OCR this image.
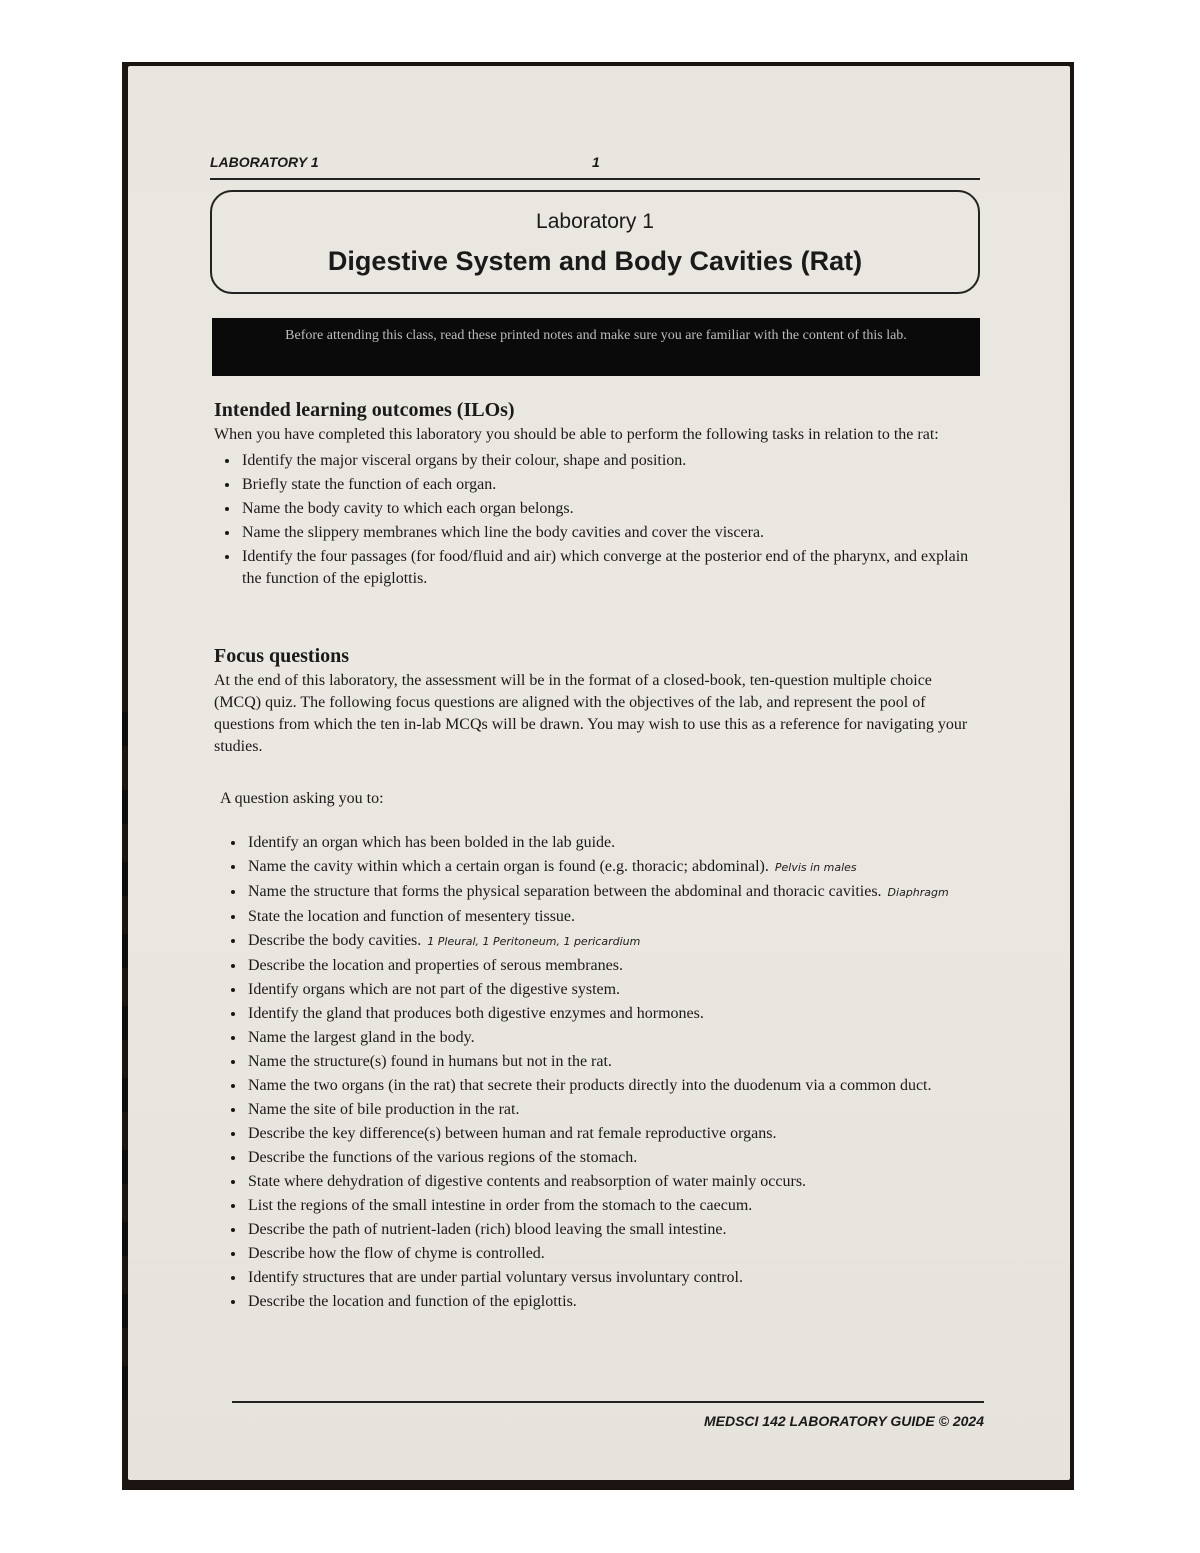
LABORATORY 1	1
Laboratory 1
Digestive System and Body Cavities (Rat)

Before attending this class, read these printed notes and make sure you are familiar with the content of this lab.

Intended learning outcomes (ILOs)

When you have completed this laboratory you should be able to perform the following tasks in relation to the rat:

• Identify the major visceral organs by their colour, shape and position.
• Briefly state the function of each organ.
• Name the body cavity to which each organ belongs.
• Name the slippery membranes which line the body cavities and cover the viscera.
• Identify the four passages (for food/fluid and air) which converge at the posterior end of the pharynx, and explain the function of the epiglottis.
Focus questions

At the end of this laboratory, the assessment will be in the format of a closed-book, ten-question multiple choice (MCQ) quiz. The following focus questions are aligned with the objectives of the lab, and represent the pool of questions from which the ten in-lab MCQs will be drawn. You may wish to use this as a reference for navigating your studies.

A question asking you to:
• Identify an organ which has been bolded in the lab guide.
• Name the cavity within which a certain organ is found (e.g. thoracic; abdominal). Pelvis in males
• Name the structure that forms the physical separation between the abdominal and thoracic cavities. Diaphragm
• State the location and function of mesentery tissue.
• Describe the body cavities. 1 Pleural, 1 Peritoneum, 1 pericardium
• Describe the location and properties of serous membranes.
• Identify organs which are not part of the digestive system.
• Identify the gland that produces both digestive enzymes and hormones.
• Name the largest gland in the body.
• Name the structure(s) found in humans but not in the rat.
• Name the two organs (in the rat) that secrete their products directly into the duodenum via a common duct.
• Name the site of bile production in the rat.
• Describe the key difference(s) between human and rat female reproductive organs.
• Describe the functions of the various regions of the stomach.
• State where dehydration of digestive contents and reabsorption of water mainly occurs.
• List the regions of the small intestine in order from the stomach to the caecum.
• Describe the path of nutrient-laden (rich) blood leaving the small intestine.
• Describe how the flow of chyme is controlled.
• Identify structures that are under partial voluntary versus involuntary control.
• Describe the location and function of the epiglottis.
MEDSCI 142 LABORATORY GUIDE © 2024
